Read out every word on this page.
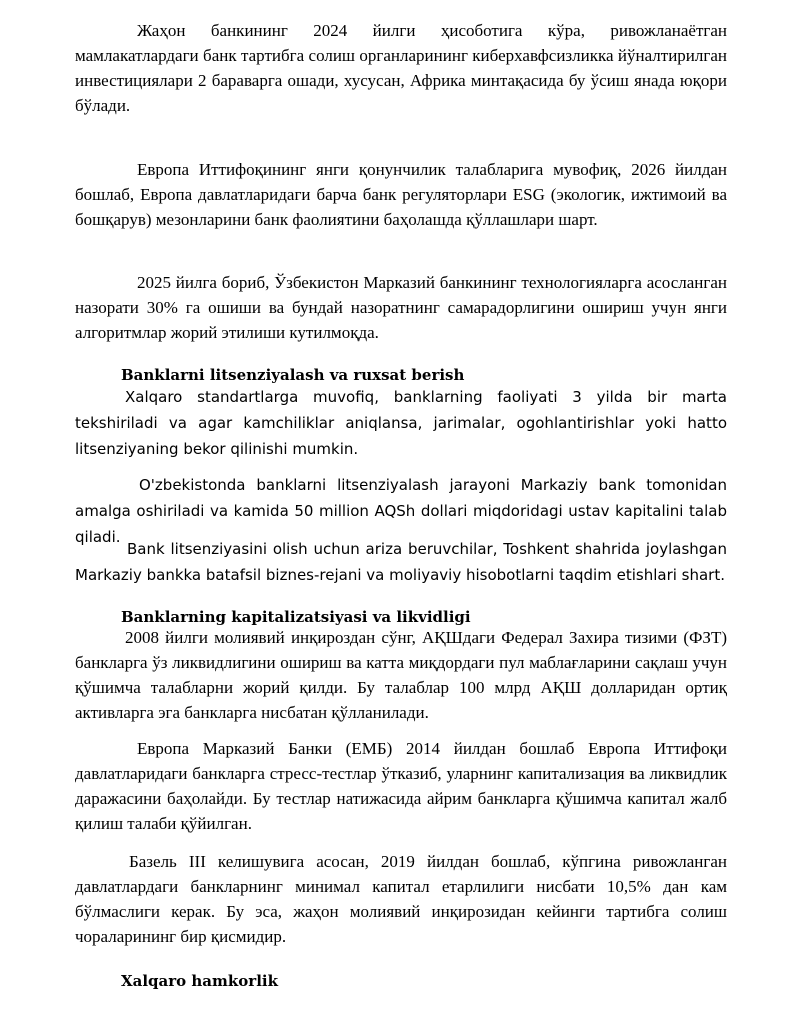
Жаҳон банкининг 2024 йилги ҳисоботига кўра, ривожланаётган мамлакатлардаги банк тартибга солиш органларининг киберхавфсизликка йўналтирилган инвестициялари 2 бараварга ошади, хусусан, Африка минтақасида бу ўсиш янада юқори бўлади.

Европа Иттифоқининг янги қонунчилик талабларига мувофиқ, 2026 йилдан бошлаб, Европа давлатларидаги барча банк регуляторлари ESG (экологик, ижтимоий ва бошқарув) мезонларини банк фаолиятини баҳолашда қўллашлари шарт.

2025 йилга бориб, Ўзбекистон Марказий банкининг технологияларга асосланган назорати 30% га ошиши ва бундай назоратнинг самарадорлигини ошириш учун янги алгоритмлар жорий этилиши кутилмоқда.

Banklarni litsenziyalash va ruxsat berish

Xalqaro standartlarga muvofiq, banklarning faoliyati 3 yilda bir marta tekshiriladi va agar kamchiliklar aniqlansa, jarimalar, ogohlantirishlar yoki hatto litsenziyaning bekor qilinishi mumkin.

O'zbekistonda banklarni litsenziyalash jarayoni Markaziy bank tomonidan amalga oshiriladi va kamida 50 million AQSh dollari miqdoridagi ustav kapitalini talab qiladi.

Bank litsenziyasini olish uchun ariza beruvchilar, Toshkent shahrida joylashgan Markaziy bankka batafsil biznes-rejani va moliyaviy hisobotlarni taqdim etishlari shart.

Banklarning kapitalizatsiyasi va likvidligi

2008 йилги молиявий инқироздан сўнг, АҚШдаги Федерал Захира тизими (ФЗТ) банкларга ўз ликвидлигини ошириш ва катта миқдордаги пул маблағларини сақлаш учун қўшимча талабларни жорий қилди. Бу талаблар 100 млрд АҚШ долларидан ортиқ активларга эга банкларга нисбатан қўлланилади.

Европа Марказий Банки (ЕМБ) 2014 йилдан бошлаб Европа Иттифоқи давлатларидаги банкларга стресс-тестлар ўтказиб, уларнинг капитализация ва ликвидлик даражасини баҳолайди. Бу тестлар натижасида айрим банкларга қўшимча капитал жалб қилиш талаби қўйилган.

Базель III келишувига асосан, 2019 йилдан бошлаб, кўпгина ривожланган давлатлардаги банкларнинг минимал капитал етарлилиги нисбати 10,5% дан кам бўлмаслиги керак. Бу эса, жаҳон молиявий инқирозидан кейинги тартибга солиш чораларининг бир қисмидир.

Xalqaro hamkorlik
